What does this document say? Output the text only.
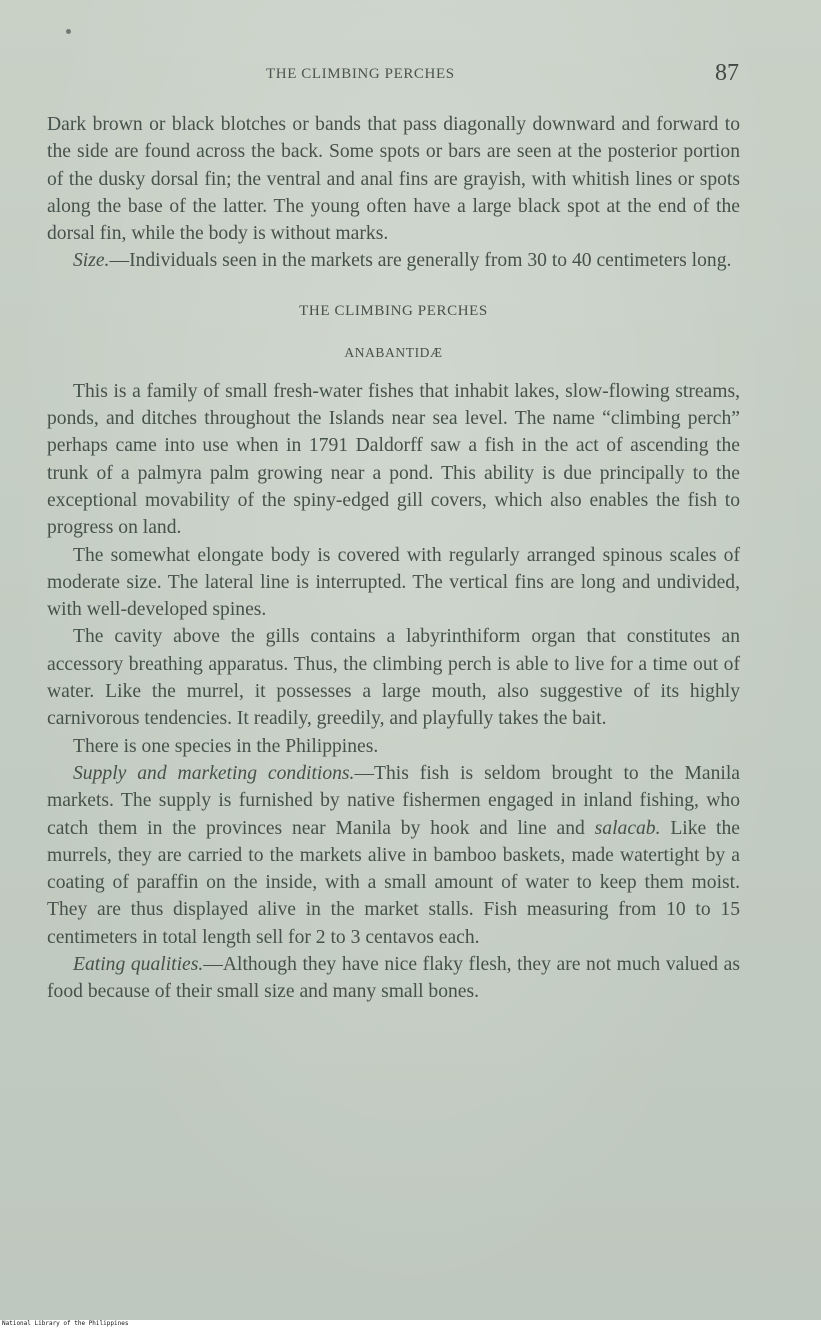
THE CLIMBING PERCHES	87

Dark brown or black blotches or bands that pass diagonally downward and forward to the side are found across the back. Some spots or bars are seen at the posterior portion of the dusky dorsal fin; the ventral and anal fins are grayish, with whitish lines or spots along the base of the latter. The young often have a large black spot at the end of the dorsal fin, while the body is without marks.

Size.—Individuals seen in the markets are generally from 30 to 40 centimeters long.

THE CLIMBING PERCHES
ANABANTIDÆ

This is a family of small fresh-water fishes that inhabit lakes, slow-flowing streams, ponds, and ditches throughout the Islands near sea level. The name “climbing perch” perhaps came into use when in 1791 Daldorff saw a fish in the act of ascending the trunk of a palmyra palm growing near a pond. This ability is due principally to the exceptional movability of the spiny-edged gill covers, which also enables the fish to progress on land.

The somewhat elongate body is covered with regularly arranged spinous scales of moderate size. The lateral line is interrupted. The vertical fins are long and undivided, with well-developed spines.

The cavity above the gills contains a labyrinthiform organ that constitutes an accessory breathing apparatus. Thus, the climbing perch is able to live for a time out of water. Like the murrel, it possesses a large mouth, also suggestive of its highly carnivorous tendencies. It readily, greedily, and playfully takes the bait.

There is one species in the Philippines.

Supply and marketing conditions.—This fish is seldom brought to the Manila markets. The supply is furnished by native fishermen engaged in inland fishing, who catch them in the provinces near Manila by hook and line and salacab. Like the murrels, they are carried to the markets alive in bamboo baskets, made watertight by a coating of paraffin on the inside, with a small amount of water to keep them moist. They are thus displayed alive in the market stalls. Fish measuring from 10 to 15 centimeters in total length sell for 2 to 3 centavos each.

Eating qualities.—Although they have nice flaky flesh, they are not much valued as food because of their small size and many small bones.

National Library of the Philippines
